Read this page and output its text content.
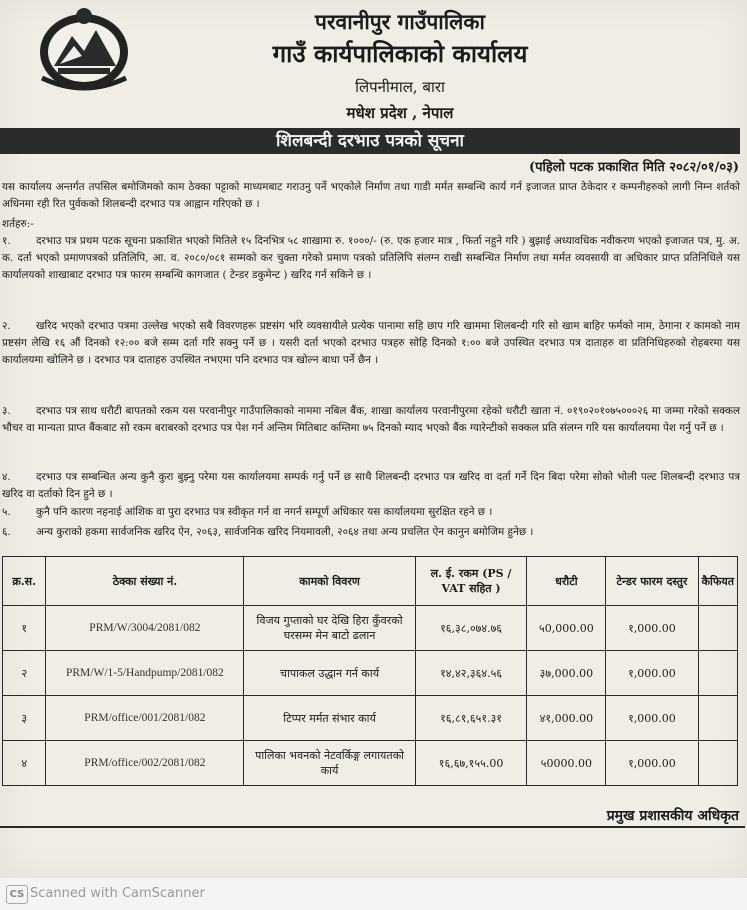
परवानीपुर गाउँपालिका
गाउँ कार्यपालिकाको कार्यालय
लिपनीमाल, बारा
मधेश प्रदेश , नेपाल
शिलबन्दी दरभाउ पत्रको सूचना
(पहिलो पटक प्रकाशित मिति २०८२/०१/०३)
यस कार्यालय अन्तर्गत तपसिल बमोजिमको काम ठेक्का पट्टाको माध्यमबाट गराउनु पर्ने भएकोले निर्माण तथा गाडी मर्मत सम्बन्धि कार्य गर्न इजाजत प्राप्त ठेकेदार र कम्पनीहरुको लागी निम्न शर्तको अधिनमा रही रित पुर्वकको शिलबन्दी दरभाउ पत्र आह्वान गरिएको छ ।
शर्तहरु:-
१. दरभाउ पत्र प्रथम पटक सूचना प्रकाशित भएको मितिले १५ दिनभित्र ५८ शाखामा रु. १०००/- (रु. एक हजार मात्र , फिर्ता नहुने गरि ) बुझाई अध्यावधिक नवीकरण भएको इजाजत पत्र, मु. अ. क. दर्ता भएको प्रमाणपत्रको प्रतिलिपि, आ. व. २०८०/०८१ सम्मको कर चुक्ता गरेको प्रमाण पत्रको प्रतिलिपि संलग्न राखी सम्बन्धित निर्माण तथा मर्मत व्यवसायी वा अधिकार प्राप्त प्रतिनिधिले यस कार्यालयको शाखाबाट दरभाउ पत्र फारम सम्बन्धि कागजात ( टेन्डर डकुमेन्ट ) खरिद गर्न सकिने छ ।
२. खरिद भएको दरभाउ पत्रमा उल्लेख भएको सबै विवरणहरू प्रष्टसंग भरि व्यवसायीले प्रत्येक पानामा सहि छाप गरि खाममा शिलबन्दी गरि सो खाम बाहिर फर्मको नाम, ठेगाना र कामको नाम प्रष्टसंग लेखि १६ औं दिनको १२:०० बजे सम्म दर्ता गरि सक्नु पर्ने छ । यसरी दर्ता भएको दरभाउ पत्रहरु सोहि दिनको १:०० बजे उपस्थित दरभाउ पत्र दाताहरु वा प्रतिनिधिहरुको रोहबरमा यस कार्यालयमा खोलिने छ । दरभाउ पत्र दाताहरु उपस्थित नभएमा पनि दरभाउ पत्र खोल्न बाधा पर्ने छैन ।
३. दरभाउ पत्र साथ धरौटी बापतको रकम यस परवानीपुर गाउँपालिकाको नाममा नबिल बैंक, शाखा कार्यालय परवानीपुरमा रहेको धरौटी खाता नं. ०१९०२०१०७५०००२६ मा जम्मा गरेको सक्कल भौचर वा मान्यता प्राप्त बैंकबाट सो रकम बराबरको दरभाउ पत्र पेश गर्न अन्तिम मितिबाट कम्तिमा ७५ दिनको म्याद भएको बैंक ग्यारेन्टीको सक्कल प्रति संलग्न गरि यस कार्यालयमा पेश गर्नु पर्ने छ ।
४. दरभाउ पत्र सम्बन्धित अन्य कुनै कुरा बुझ्नु परेमा यस कार्यालयमा सम्पर्क गर्नु पर्ने छ साथै शिलबन्दी दरभाउ पत्र खरिद वा दर्ता गर्ने दिन बिदा परेमा सोको भोली पल्ट शिलबन्दी दरभाउ पत्र खरिद वा दर्ताको दिन हुने छ ।
५. कुनै पनि कारण नहनाई आंशिक वा पुरा दरभाउ पत्र स्वीकृत गर्न वा नगर्न सम्पूर्ण अधिकार यस कार्यालयमा सुरक्षित रहने छ ।
६. अन्य कुराको हकमा सार्वजनिक खरिद ऐन, २०६३, सार्वजनिक खरिद नियमावली, २०६४ तथा अन्य प्रचलित ऐन कानुन बमोजिम हुनेछ ।
क्र.स.	ठेक्का संख्या नं.	कामको विवरण	ल. ई. रकम (PS / VAT सहित )	धरौटी	टेन्डर फारम दस्तुर	कैफियत
१	PRM/W/3004/2081/082	विजय गुप्ताको घर देखि हिरा कुँवरको घरसम्म मेन बाटो ढलान	१६,३८,०७४.७६	५0,000.00	१,000.00	
२	PRM/W/1-5/Handpump/2081/082	चापाकल उद्धान गर्न कार्य	१४,४२,३६४.५६	३७,000.00	१,000.00	
३	PRM/office/001/2081/082	टिप्पर मर्मत संभार कार्य	१६,८१,६५१.३१	४१,000.00	१,000.00	
४	PRM/office/002/2081/082	पालिका भवनको नेटवर्किङ्ग लगायतको कार्य	१६,६७,१५५.00	५0000.00	१,000.00	
प्रमुख प्रशासकीय अधिकृत
CS Scanned with CamScanner
